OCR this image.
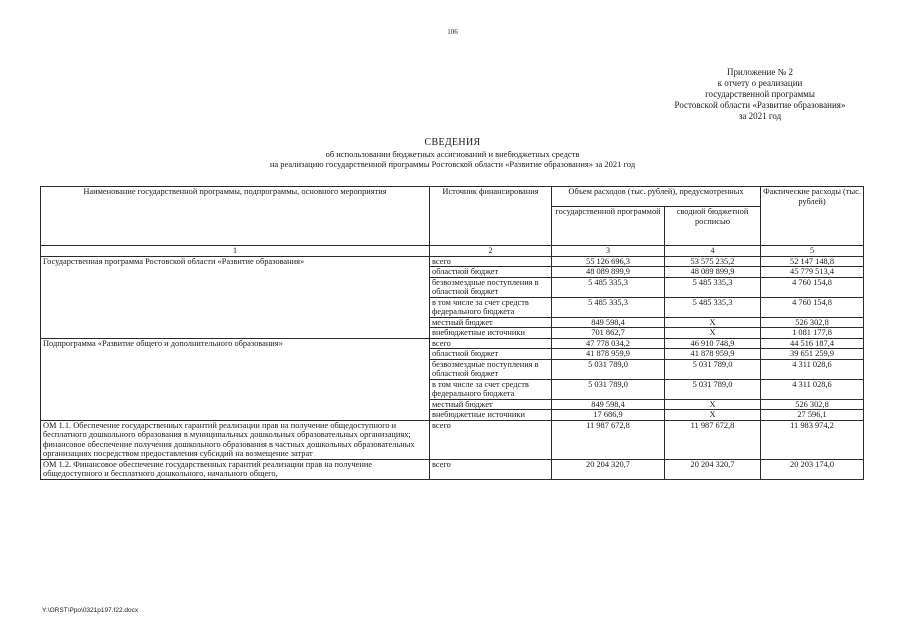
106
Приложение № 2
к отчету о реализации
государственной программы
Ростовской области «Развитие образования»
за 2021 год
СВЕДЕНИЯ
об использовании бюджетных ассигнований и внебюджетных средств
на реализацию государственной программы Ростовской области «Развитие образования» за 2021 год
Наименование государственной программы, подпрограммы, основного мероприятия	Источник финансирования	Объем расходов (тыс. рублей), предусмотренных		Фактические расходы (тыс. рублей)
		государственной программой	сводной бюджетной росписью	
1	2	3	4	5
Государственная программа Ростовской области «Развитие образования»	всего	55 126 696,3	53 575 235,2	52 147 148,8
	областной бюджет	48 089 899,9	48 089 899,9	45 779 513,4
	безвозмездные поступления в областной бюджет	5 485 335,3	5 485 335,3	4 760 154,8
	в том числе за счет средств федерального бюджета	5 485 335,3	5 485 335,3	4 760 154,8
	местный бюджет	849 598,4	Х	526 302,8
	внебюджетные источники	701 862,7	Х	1 081 177,8
Подпрограмма «Развитие общего и дополнительного образования»	всего	47 778 034,2	46 910 748,9	44 516 187,4
	областной бюджет	41 878 959,9	41 878 959,9	39 651 259,9
	безвозмездные поступления в областной бюджет	5 031 789,0	5 031 789,0	4 311 028,6
	в том числе за счет средств федерального бюджета	5 031 789,0	5 031 789,0	4 311 028,6
	местный бюджет	849 598,4	Х	526 302,8
	внебюджетные источники	17 686,9	Х	27 596,1
ОМ 1.1. Обеспечение государственных гарантий реализации прав на получение общедоступного и бесплатного дошкольного образования в муниципальных дошкольных образовательных организациях; финансовое обеспечение получения дошкольного образования в частных дошкольных образовательных организациях посредством предоставления субсидий на возмещение затрат	всего	11 987 672,8	11 987 672,8	11 983 974,2
ОМ 1.2. Финансовое обеспечение государственных гарантий реализации прав на получение общедоступного и бесплатного дошкольного, начального общего,	всего	20 204 320,7	20 204 320,7	20 203 174,0
Y:\ORST\Ppo\0321p197.f22.docx
